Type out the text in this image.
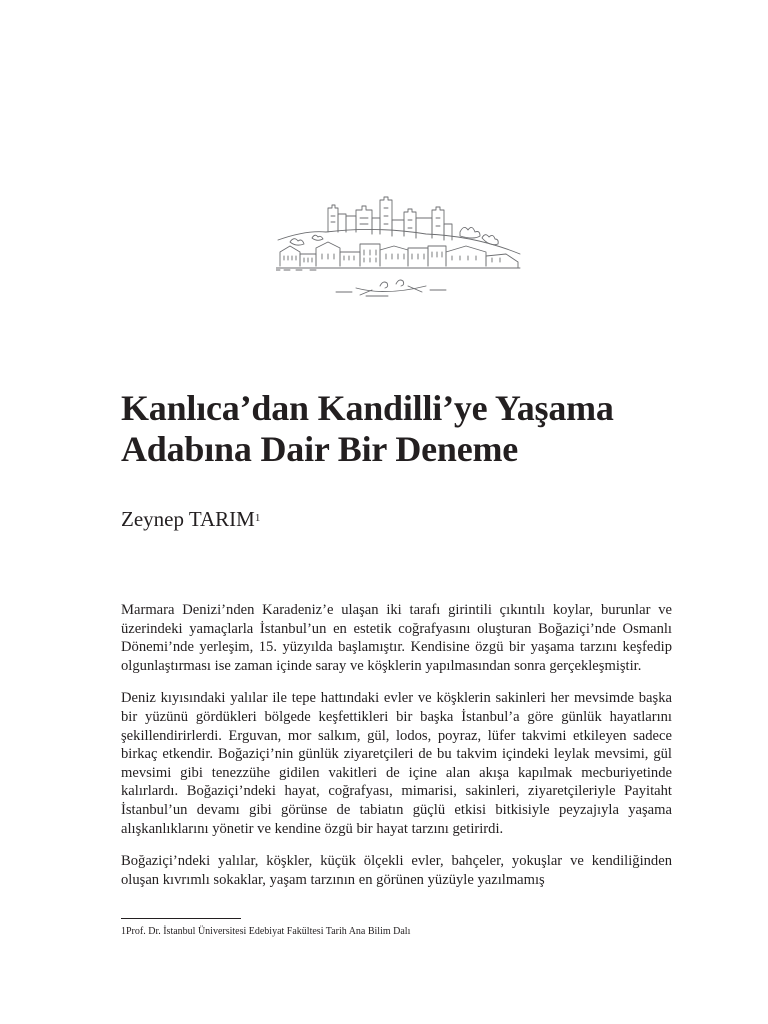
Kanlıca’dan Kandilli’ye Yaşama
Adabına Dair Bir Deneme
Zeynep TARIM$^1$

Marmara Denizi’nden Karadeniz’e ulaşan iki tarafı girintili çıkıntılı koylar, burunlar ve üzerindeki yamaçlarla İstanbul’un en estetik coğrafyasını oluşturan Boğaziçi’nde Osmanlı Dönemi’nde yerleşim, 15. yüzyılda başlamıştır. Kendisine özgü bir yaşama tarzını keşfedip olgunlaştırması ise zaman içinde saray ve köşklerin yapılmasından sonra gerçekleşmiştir.

Deniz kıyısındaki yalılar ile tepe hattındaki evler ve köşklerin sakinleri her mevsimde başka bir yüzünü gördükleri bölgede keşfettikleri bir başka İstanbul’a göre günlük hayatlarını şekillendirirlerdi. Erguvan, mor salkım, gül, lodos, poyraz, lüfer takvimi etkileyen sadece birkaç etkendir. Boğaziçi’nin günlük ziyaretçileri de bu takvim içindeki leylak mevsimi, gül mevsimi gibi tenezzühe gidilen vakitleri de içine alan akışa kapılmak mecburiyetinde kalırlardı. Boğaziçi’ndeki hayat, coğrafyası, mimarisi, sakinleri, ziyaretçileriyle Payitaht İstanbul’un devamı gibi görünse de tabiatın güçlü etkisi bitkisiyle peyzajıyla yaşama alışkanlıklarını yönetir ve kendine özgü bir hayat tarzını getirirdi.

Boğaziçi’ndeki yalılar, köşkler, küçük ölçekli evler, bahçeler, yokuşlar ve kendiliğinden oluşan kıvrımlı sokaklar, yaşam tarzının en görünen yüzüyle yazılmamış

1Prof. Dr. İstanbul Üniversitesi Edebiyat Fakültesi Tarih Ana Bilim Dalı
